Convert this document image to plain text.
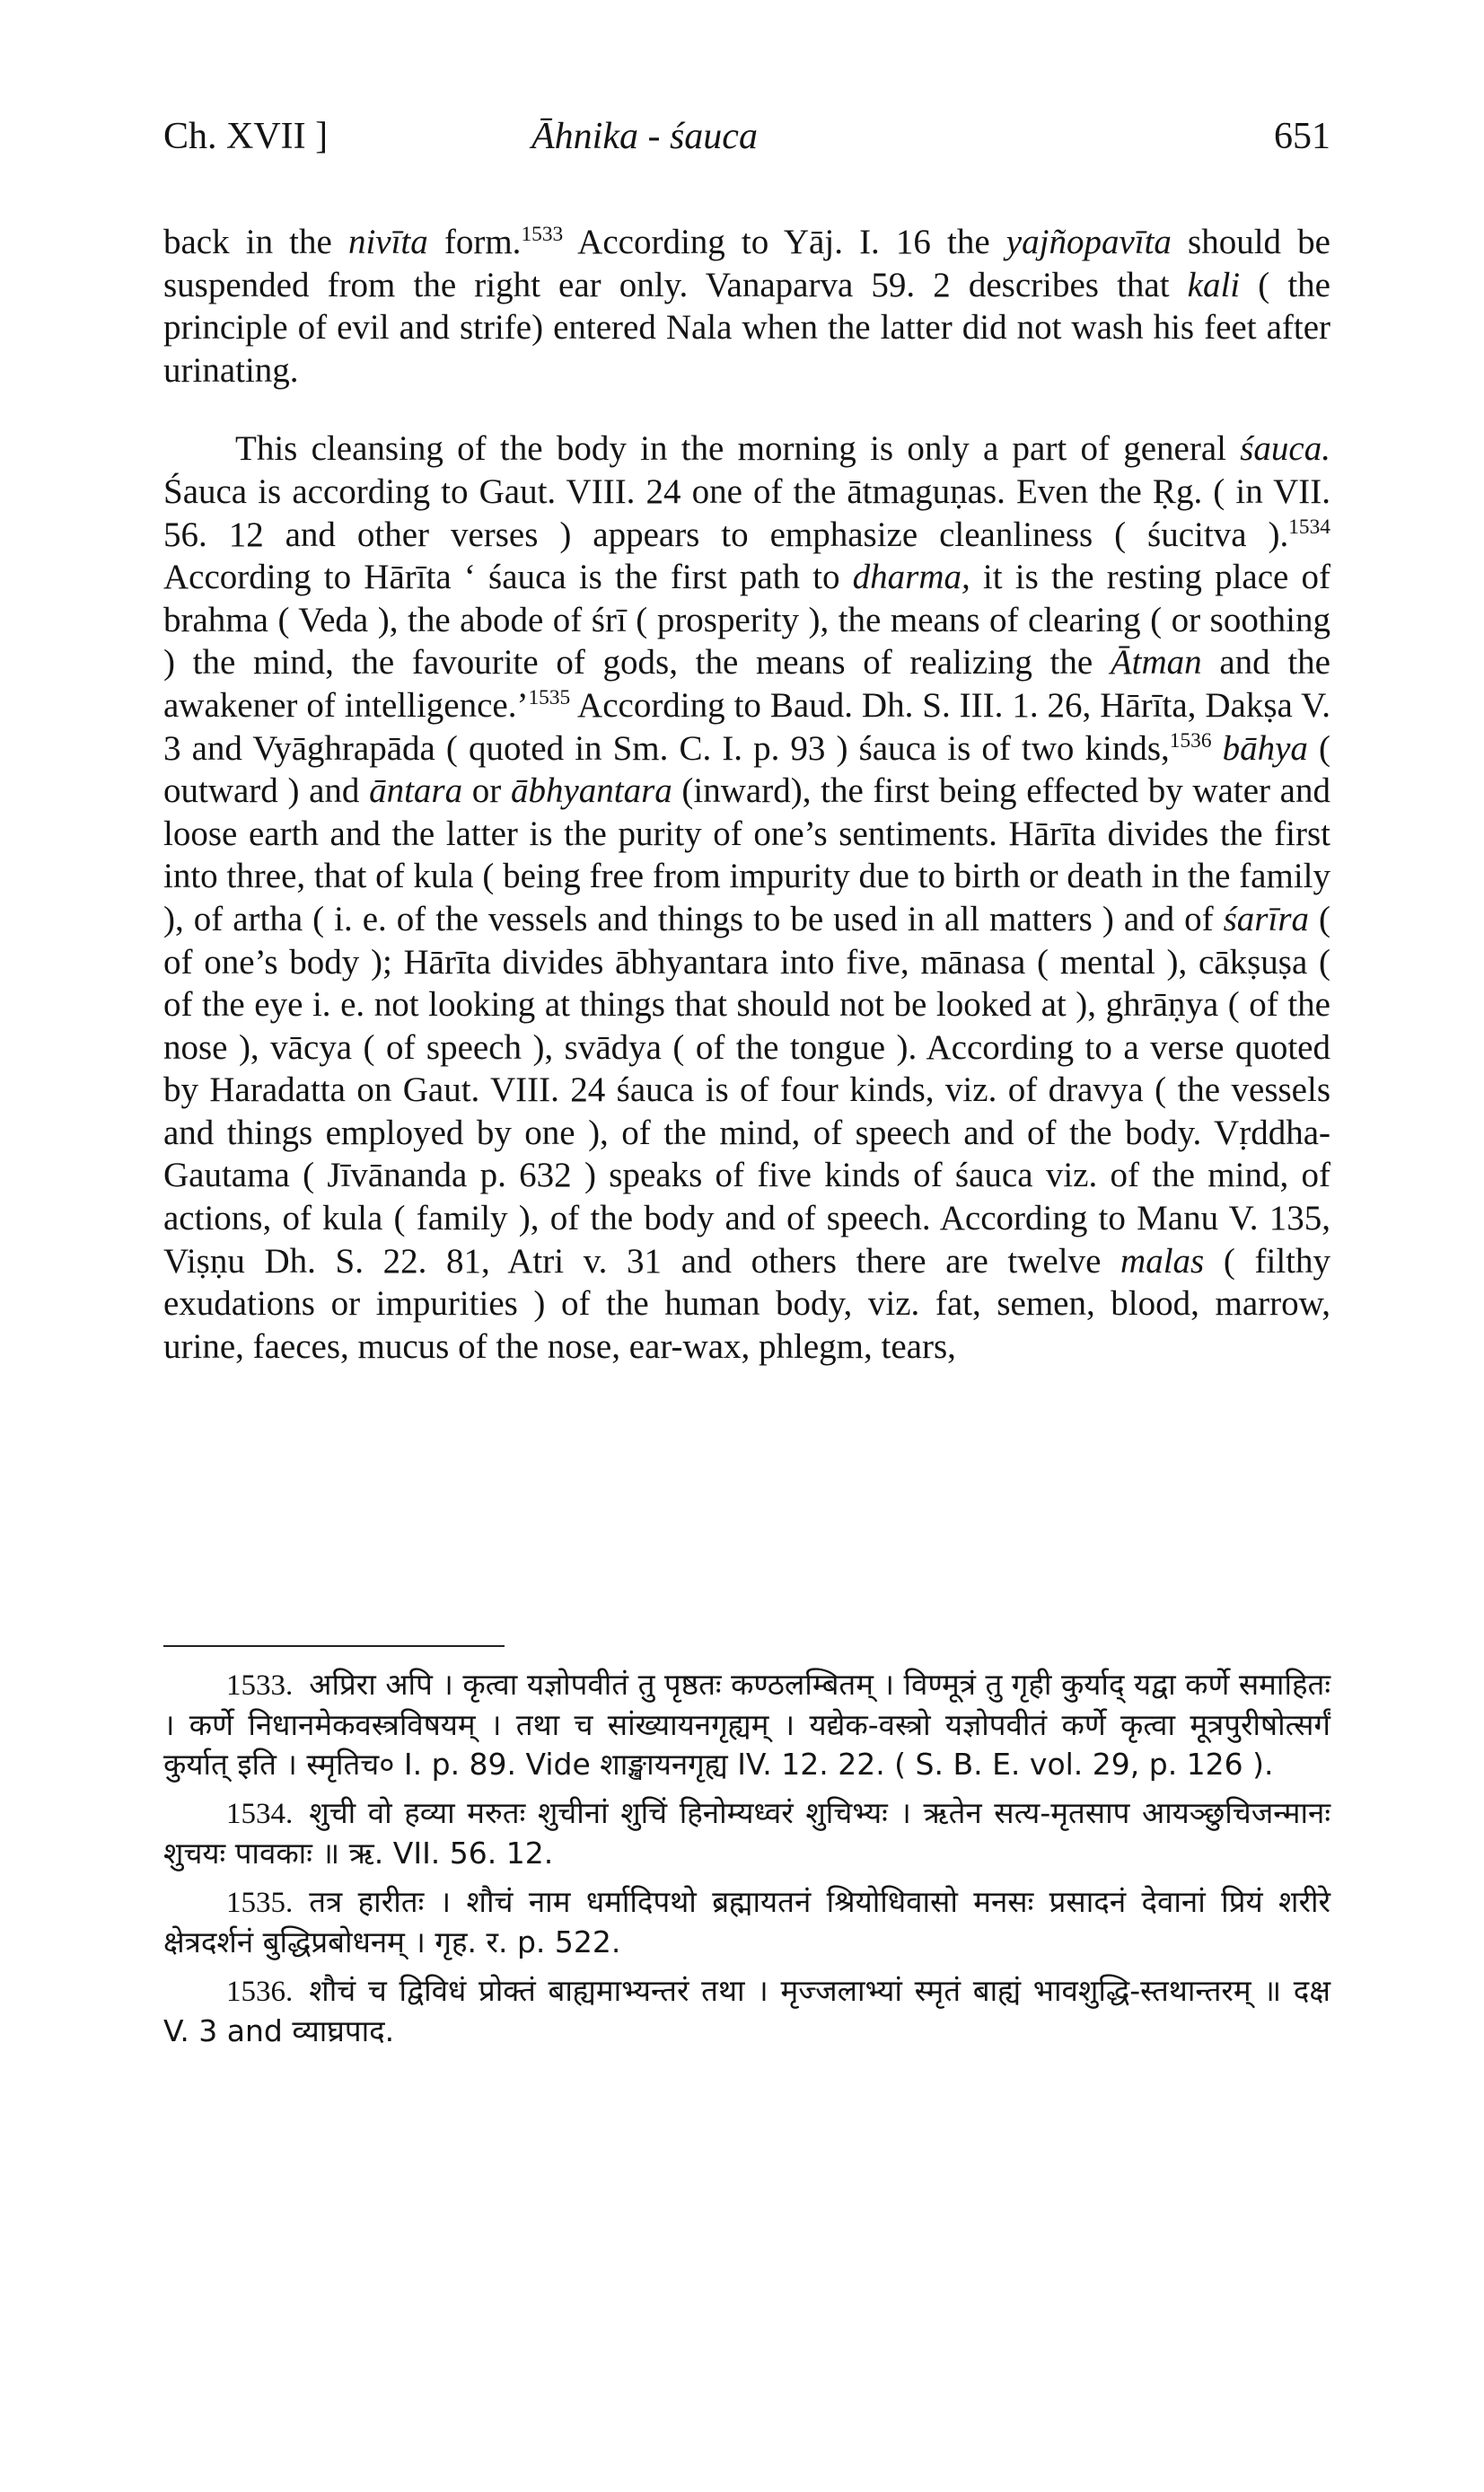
Ch. XVII ]	Āhnika - śauca	651

back in the nivīta form.$^{1533}$ According to Yāj. I. 16 the yajñopavīta should be suspended from the right ear only. Vanaparva 59. 2 describes that kali ( the principle of evil and strife) entered Nala when the latter did not wash his feet after urinating.

This cleansing of the body in the morning is only a part of general śauca. Śauca is according to Gaut. VIII. 24 one of the ātmaguṇas. Even the Ṛg. ( in VII. 56. 12 and other verses ) appears to emphasize cleanliness ( śucitva ).$^{1534}$ According to Hārīta ‘ śauca is the first path to dharma, it is the resting place of brahma ( Veda ), the abode of śrī ( prosperity ), the means of clearing ( or soothing ) the mind, the favourite of gods, the means of realizing the Ātman and the awakener of intelligence.’$^{1535}$ According to Baud. Dh. S. III. 1. 26, Hārīta, Dakṣa V. 3 and Vyāghrapāda ( quoted in Sm. C. I. p. 93 ) śauca is of two kinds,$^{1536}$ bāhya ( outward ) and āntara or ābhyantara (inward), the first being effected by water and loose earth and the latter is the purity of one’s sentiments. Hārīta divides the first into three, that of kula ( being free from impurity due to birth or death in the family ), of artha ( i. e. of the vessels and things to be used in all matters ) and of śarīra ( of one’s body ); Hārīta divides ābhyantara into five, mānasa ( mental ), cākṣuṣa ( of the eye i. e. not looking at things that should not be looked at ), ghrāṇya ( of the nose ), vācya ( of speech ), svādya ( of the tongue ). According to a verse quoted by Haradatta on Gaut. VIII. 24 śauca is of four kinds, viz. of dravya ( the vessels and things employed by one ), of the mind, of speech and of the body. Vṛddha-Gautama ( Jīvānanda p. 632 ) speaks of five kinds of śauca viz. of the mind, of actions, of kula ( family ), of the body and of speech. According to Manu V. 135, Viṣṇu Dh. S. 22. 81, Atri v. 31 and others there are twelve malas ( filthy exudations or impurities ) of the human body, viz. fat, semen, blood, marrow, urine, faeces, mucus of the nose, ear-wax, phlegm, tears,

1533. अप्रिरा अपि । कृत्वा यज्ञोपवीतं तु पृष्ठतः कण्ठलम्बितम् । विण्मूत्रं तु गृही कुर्याद् यद्वा कर्णे समाहितः । कर्णे निधानमेकवस्त्रविषयम् । तथा च सांख्यायनगृह्यम् । यद्येक-वस्त्रो यज्ञोपवीतं कर्णे कृत्वा मूत्रपुरीषोत्सर्गं कुर्यात् इति । स्मृतिच० I. p. 89. Vide शाङ्खायनगृह्य IV. 12. 22. ( S. B. E. vol. 29, p. 126 ).

1534. शुची वो हव्या मरुतः शुचीनां शुचिं हिनोम्यध्वरं शुचिभ्यः । ऋतेन सत्य-मृतसाप आयञ्छुचिजन्मानः शुचयः पावकाः ॥ ऋ. VII. 56. 12.

1535. तत्र हारीतः । शौचं नाम धर्मादिपथो ब्रह्मायतनं श्रियोधिवासो मनसः प्रसादनं देवानां प्रियं शरीरे क्षेत्रदर्शनं बुद्धिप्रबोधनम् । गृह. र. p. 522.

1536. शौचं च द्विविधं प्रोक्तं बाह्यमाभ्यन्तरं तथा । मृज्जलाभ्यां स्मृतं बाह्यं भावशुद्धि-स्तथान्तरम् ॥ दक्ष V. 3 and व्याघ्रपाद.
